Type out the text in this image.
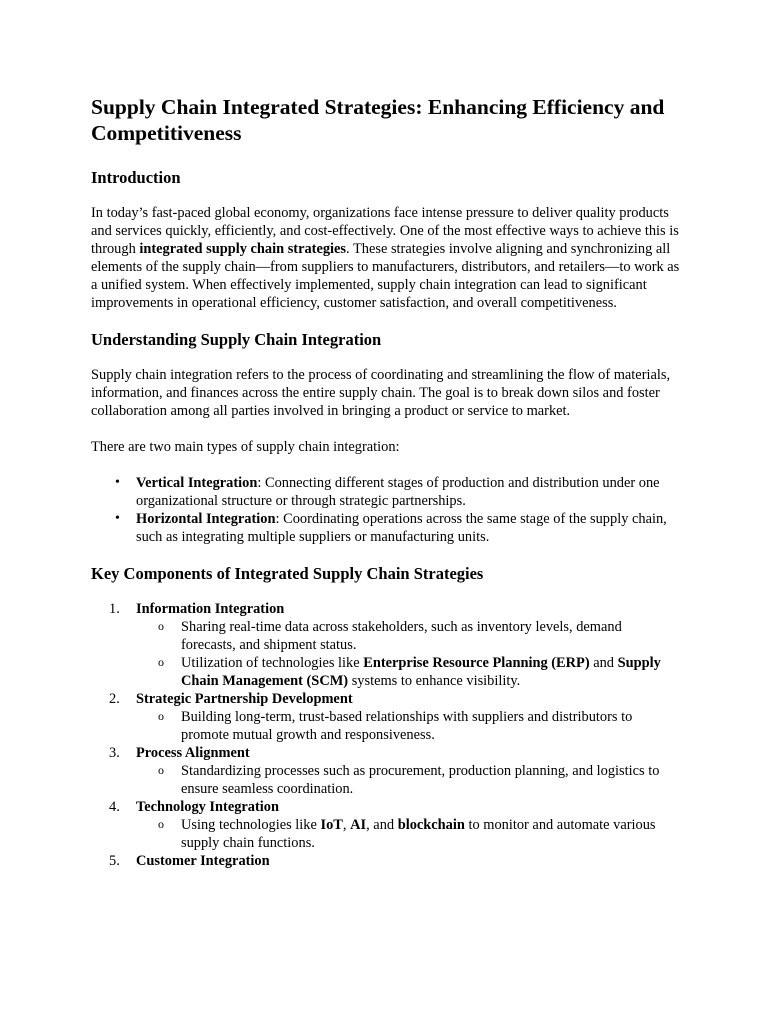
Supply Chain Integrated Strategies: Enhancing Efficiency and Competitiveness
Introduction

In today’s fast-paced global economy, organizations face intense pressure to deliver quality products and services quickly, efficiently, and cost-effectively. One of the most effective ways to achieve this is through integrated supply chain strategies. These strategies involve aligning and synchronizing all elements of the supply chain—from suppliers to manufacturers, distributors, and retailers—to work as a unified system. When effectively implemented, supply chain integration can lead to significant improvements in operational efficiency, customer satisfaction, and overall competitiveness.

Understanding Supply Chain Integration

Supply chain integration refers to the process of coordinating and streamlining the flow of materials, information, and finances across the entire supply chain. The goal is to break down silos and foster collaboration among all parties involved in bringing a product or service to market.

There are two main types of supply chain integration:

• Vertical Integration: Connecting different stages of production and distribution under one organizational structure or through strategic partnerships.
• Horizontal Integration: Coordinating operations across the same stage of the supply chain, such as integrating multiple suppliers or manufacturing units.
Key Components of Integrated Supply Chain Strategies
1. Information Integration
o Sharing real-time data across stakeholders, such as inventory levels, demand forecasts, and shipment status.
o Utilization of technologies like Enterprise Resource Planning (ERP) and Supply Chain Management (SCM) systems to enhance visibility.
2. Strategic Partnership Development
o Building long-term, trust-based relationships with suppliers and distributors to promote mutual growth and responsiveness.
3. Process Alignment
o Standardizing processes such as procurement, production planning, and logistics to ensure seamless coordination.
4. Technology Integration
o Using technologies like IoT, AI, and blockchain to monitor and automate various supply chain functions.
5. Customer Integration
